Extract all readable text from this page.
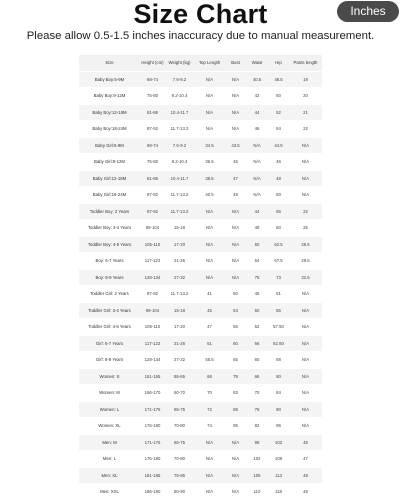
Size Chart	Inches
Please allow 0.5-1.5 inches inaccuracy due to manual measurement.
Size	Height (cm)	Weight (kg)	Top Length	Bust	Waist	Hip	Pants length
Baby Boy:6-9M	69-74	7.6-9.2	N/A	N/A	40.5	48.5	19
Baby Boy:9-12M	75-80	9.2-10.4	N/A	N/A	42	50	20
Baby Boy:12-18M	81-86	10.4-11.7	N/A	N/A	44	52	21
Baby Boy:18-24M	87-92	11.7-13.2	N/A	N/A	46	54	22
Baby Girl:6-9M	69-74	7.6-9.2	34.5	43.5	N/A	44.5	N/A
Baby Girl:9-12M	75-80	9.2-10.4	36.5	45	N/A	46	N/A
Baby Girl:12-18M	81-86	10.4-11.7	38.5	47	N/A	48	N/A
Baby Girl:18-24M	87-92	11.7-13.2	40.5	49	N/A	50	N/A
Toddler Boy: 2 Years	87-92	11.7-13.2	N/A	N/A	44	56	22
Toddler Boy: 3-4 Years	99-104	15-18	N/A	N/A	48	60	25
Toddler Boy: 4-5 Years	105-110	17-20	N/A	N/A	50	62.5	26.5
Boy: 6-7 Years	117-122	21-26	N/A	N/A	54	67.5	29.5
Boy: 8-9 Years	128-134	27-32	N/A	N/A	75	73	32.5
Toddler Girl: 2 Years	87-92	11.7-13.2	41	50	46	51	N/A
Toddler Girl: 3-4 Years	99-104	15-18	45	54	50	55	N/A
Toddler Girl: 4-5 Years	105-110	17-20	47	56	52	57.50	N/A
Girl: 6-7 Years	117-122	21-26	51	60	56	62.50	N/A
Girl: 8-9 Years	128-134	27-32	55.5	65	60	68	N/A
Women: S	161-165	55-65	68	79	66	80	N/A
Women: M	166-170	60-70	70	83	70	84	N/A
Women: L	171-175	65-75	72	89	76	90	N/A
Women: XL	176-180	70-80	74	95	82	96	N/A
Men: M	171-175	65-75	N/A	N/A	98	103	46
Men: L	176-180	70-80	N/A	N/A	102	108	47
Men: XL	181-185	75-85	N/A	N/A	106	113	48
Men: XXL	186-190	80-90	N/A	N/A	110	118	49
